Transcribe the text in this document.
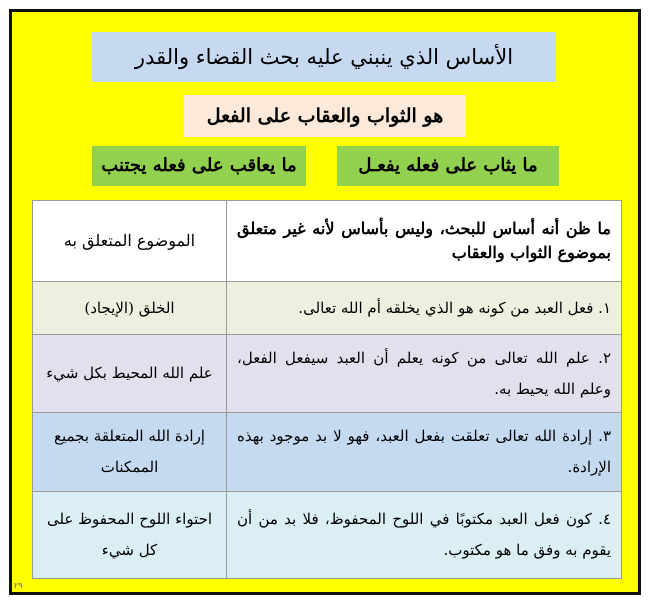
الأساس الذي ينبني عليه بحث القضاء والقدر
هو الثواب والعقاب على الفعل
ما يثاب على فعله يفعـل
ما يعاقب على فعله يجتنب
ما ظن أنه أساس للبحث، وليس بأساس لأنه غير متعلق بموضوع الثواب والعقاب	الموضوع المتعلق به
١. فعل العبد من كونه هو الذي يخلقه أم الله تعالى.	الخلق (الإيجاد)
٢. علم الله تعالى من كونه يعلم أن العبد سيفعل الفعل، وعلم الله يحيط به.	علم الله المحيط بكل شيء
٣. إرادة الله تعالى تعلقت بفعل العبد، فهو لا بد موجود بهذه الإرادة.	إرادة الله المتعلقة بجميع الممكنات
٤. كون فعل العبد مكتوبًا في اللوح المحفوظ، فلا بد من أن يقوم به وفق ما هو مكتوب.	احتواء اللوح المحفوظ على كل شيء
٢٩
